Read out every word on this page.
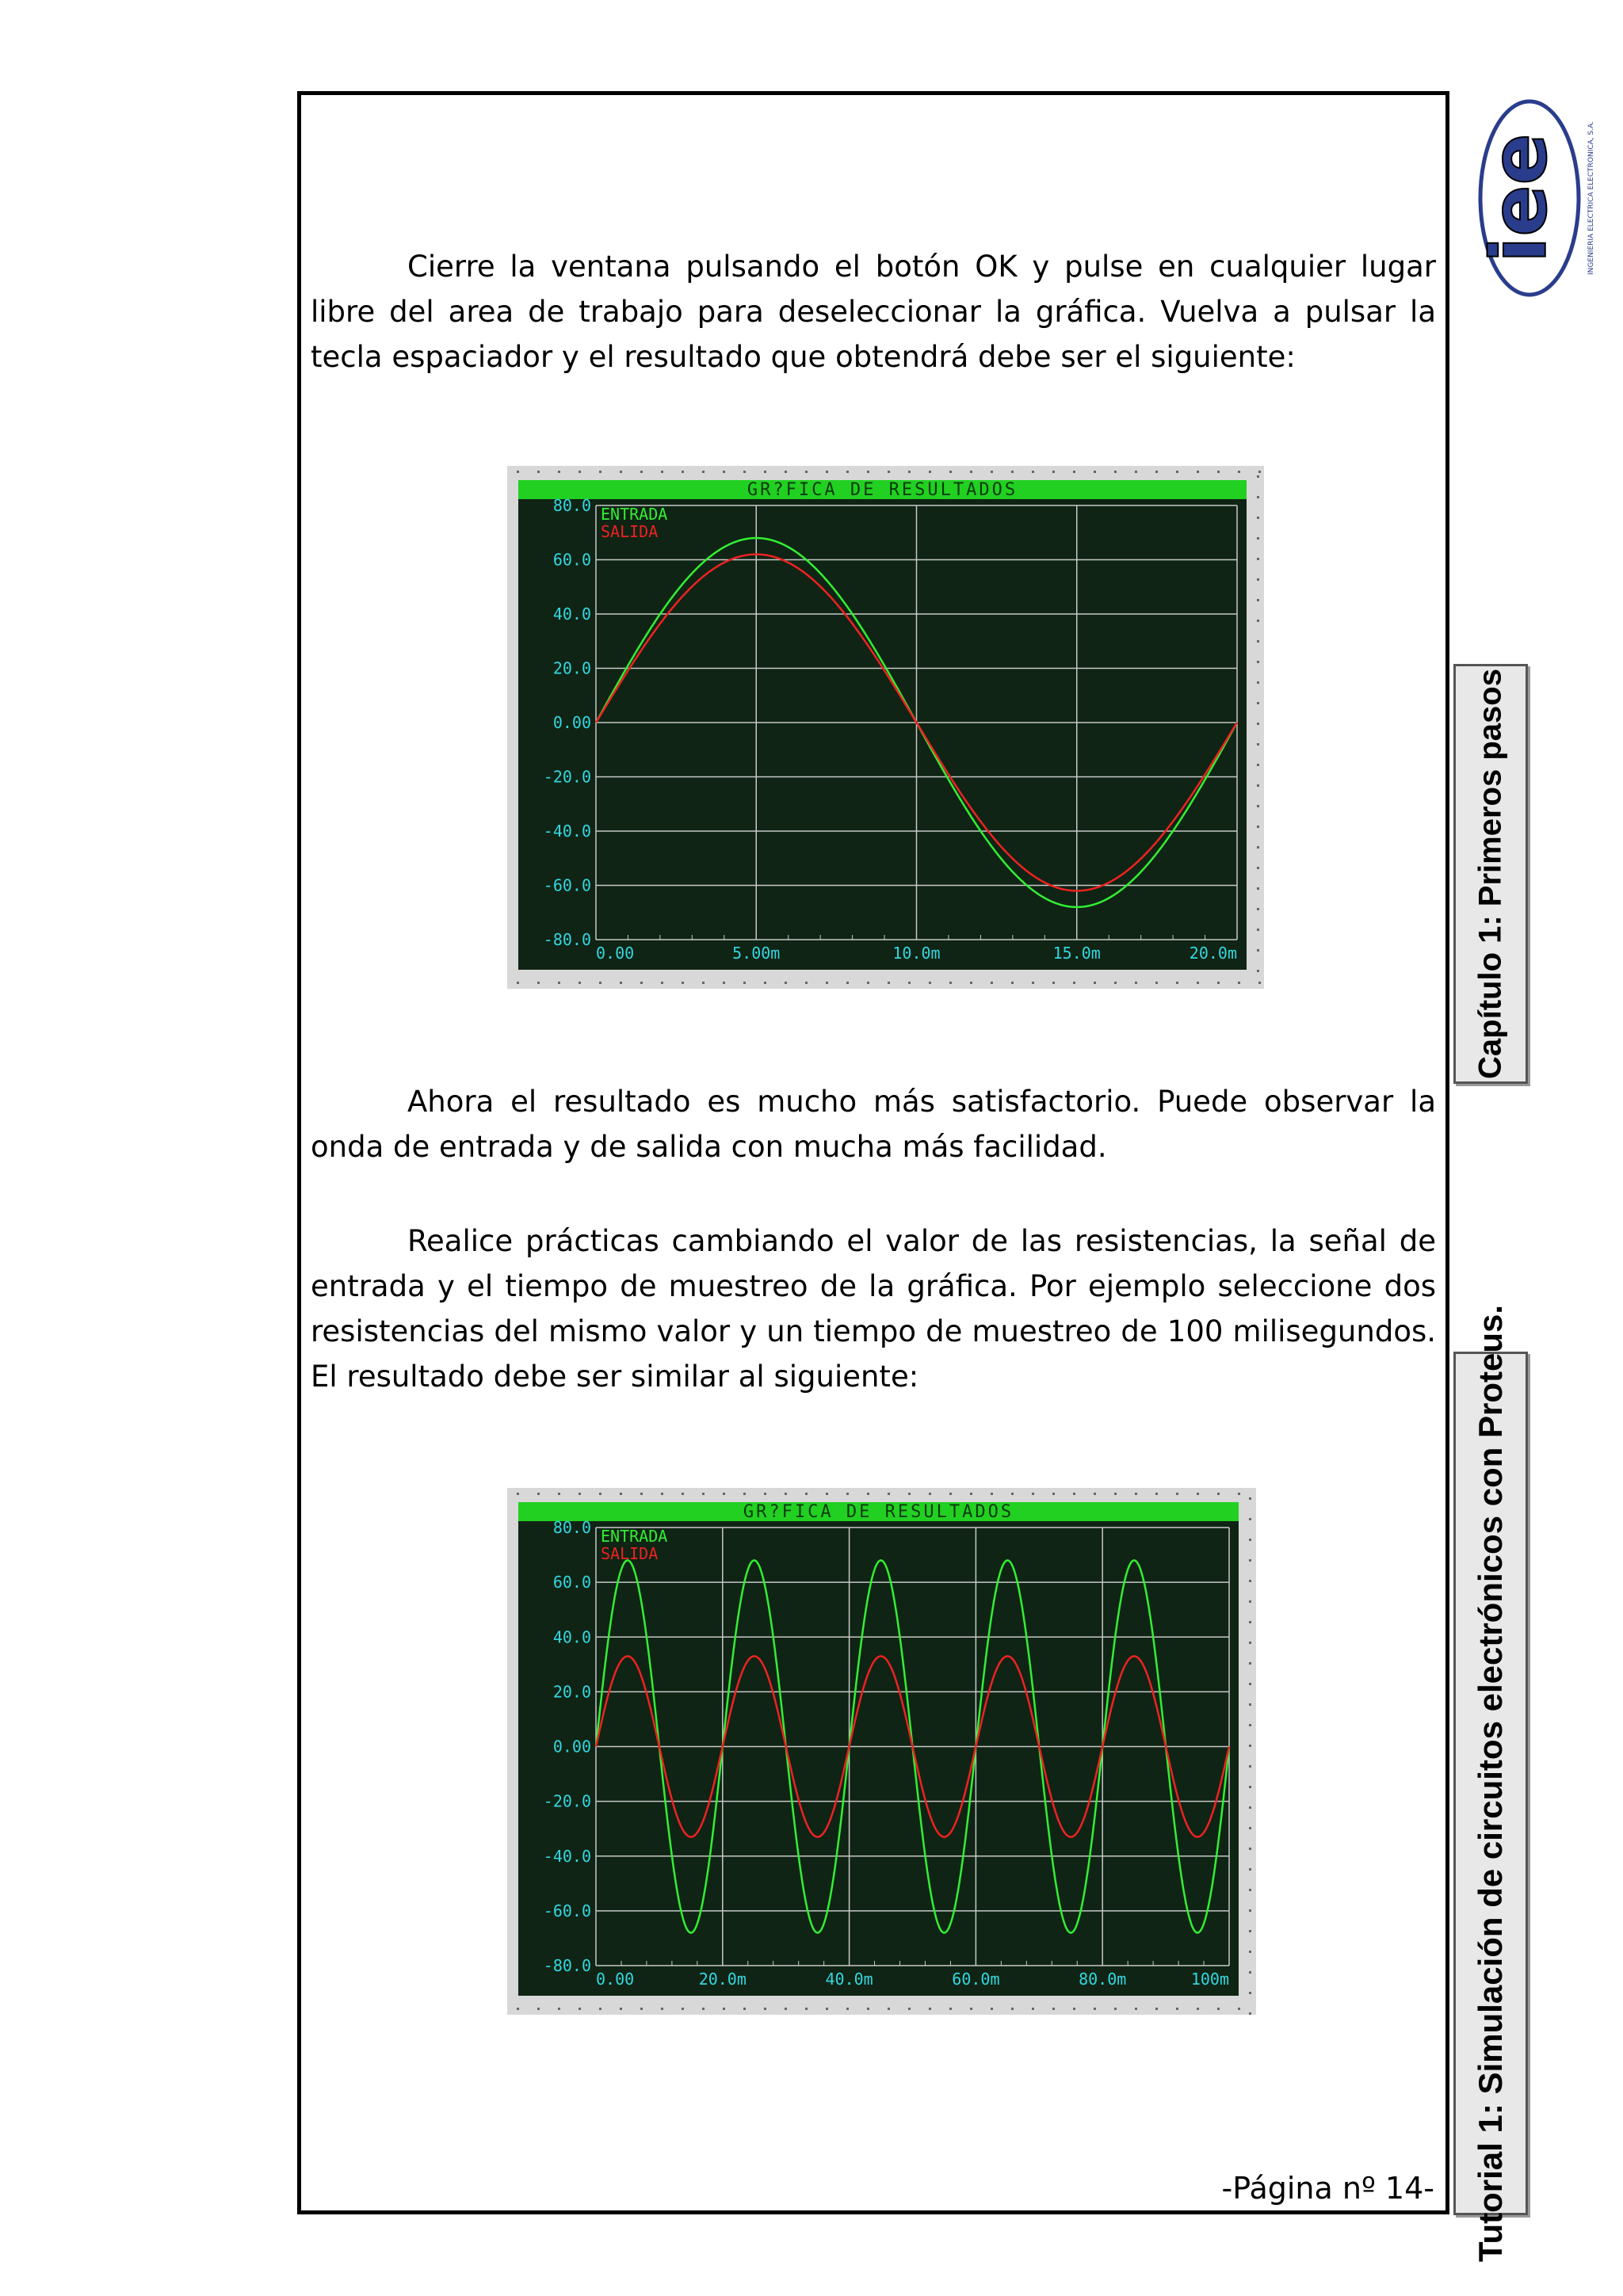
iee	INGENIERIA ELECTRICA ELECTRONICA, S.A.

Cierre la ventana pulsando el botón OK y pulse en cualquier lugar libre del area de trabajo para deseleccionar la gráfica. Vuelva a pulsar la tecla espaciador y el resultado que obtendrá debe ser el siguiente:

GR?FICA DE RESULTADOS
80.0
60.0
40.0
20.0
0.00
-20.0
-40.0
-60.0
-80.0
0.00	5.00m	10.0m	15.0m	20.0m
ENTRADA
SALIDA

Ahora el resultado es mucho más satisfactorio. Puede observar la onda de entrada y de salida con mucha más facilidad.

Realice prácticas cambiando el valor de las resistencias, la señal de entrada y el tiempo de muestreo de la gráfica. Por ejemplo seleccione dos resistencias del mismo valor y un tiempo de muestreo de 100 milisegundos. El resultado debe ser similar al siguiente:

GR?FICA DE RESULTADOS
80.0
60.0
40.0
20.0
0.00
-20.0
-40.0
-60.0
-80.0
0.00	20.0m	40.0m	60.0m	80.0m	100m
ENTRADA
SALIDA
-Página nº 14-
Capítulo 1: Primeros pasos
Tutorial 1: Simulación de circuitos electrónicos con Proteus.
